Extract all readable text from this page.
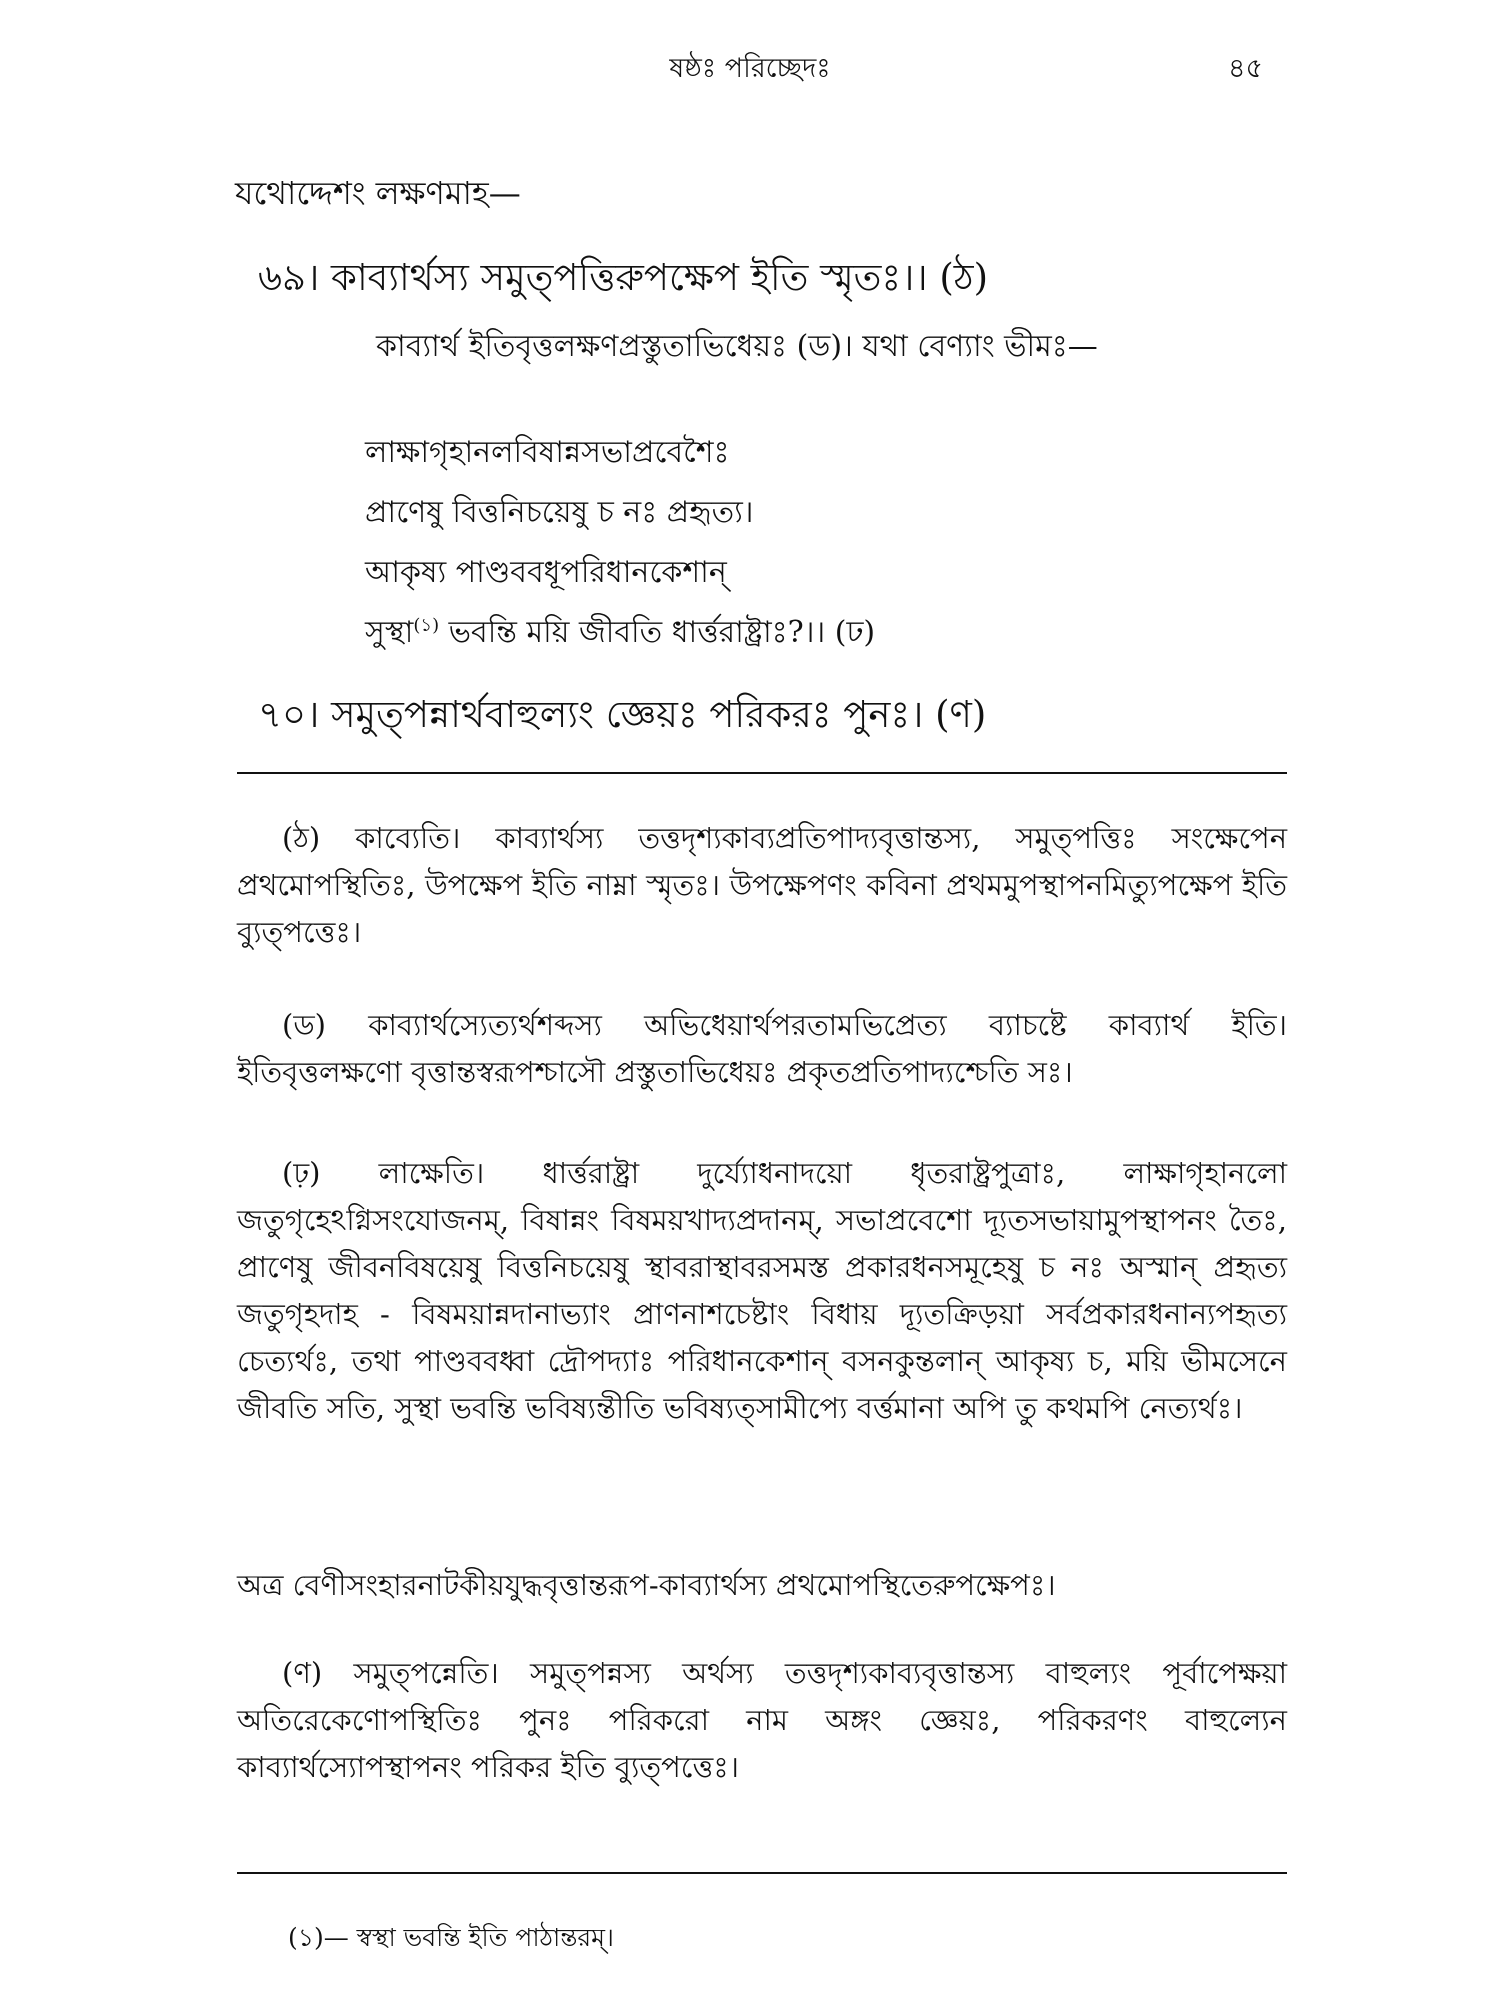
ষষ্ঠঃ পরিচ্ছেদঃ	৪৫
যথোদ্দেশং লক্ষণমাহ—
৬৯। কাব্যার্থস্য সমুত্পত্তিরুপক্ষেপ ইতি স্মৃতঃ।। (ঠ)
কাব্যার্থ ইতিবৃত্তলক্ষণপ্রস্তুতাভিধেয়ঃ (ড)। যথা বেণ্যাং ভীমঃ—
লাক্ষাগৃহানলবিষান্নসভাপ্রবেশৈঃ
প্রাণেষু বিত্তনিচয়েষু চ নঃ প্রহৃত্য।
আকৃষ্য পাণ্ডববধূপরিধানকেশান্
সুস্থা$^{(১)}$ ভবন্তি ময়ি জীবতি ধার্ত্তরাষ্ট্রাঃ?।। (ঢ)
৭০। সমুত্পন্নার্থবাহুল্যং জ্ঞেয়ঃ পরিকরঃ পুনঃ। (ণ)
(ঠ) কাব্যেতি। কাব্যার্থস্য তত্তদৃশ্যকাব্যপ্রতিপাদ্যবৃত্তান্তস্য, সমুত্পত্তিঃ সংক্ষেপেন প্রথমোপস্থিতিঃ, উপক্ষেপ ইতি নাম্না স্মৃতঃ। উপক্ষেপণং কবিনা প্রথমমুপস্থাপনমিত্যুপক্ষেপ ইতি ব্যুত্পত্তেঃ।
(ড) কাব্যার্থস্যেত্যর্থশব্দস্য অভিধেয়ার্থপরতামভিপ্রেত্য ব্যাচষ্টে কাব্যার্থ ইতি। ইতিবৃত্তলক্ষণো বৃত্তান্তস্বরূপশ্চাসৌ প্রস্তুতাভিধেয়ঃ প্রকৃতপ্রতিপাদ্যশ্চেতি সঃ।
(ঢ়) লাক্ষেতি। ধার্ত্তরাষ্ট্রা দুর্য্যোধনাদয়ো ধৃতরাষ্ট্রপুত্রাঃ, লাক্ষাগৃহানলো জতুগৃহেঽগ্নিসংযোজনম্, বিষান্নং বিষময়খাদ্যপ্রদানম্, সভাপ্রবেশো দ্যূতসভায়ামুপস্থাপনং তৈঃ, প্রাণেষু জীবনবিষয়েষু বিত্তনিচয়েষু স্থাবরাস্থাবরসমস্ত প্রকারধনসমূহেষু চ নঃ অস্মান্ প্রহৃত্য জতুগৃহদাহ - বিষময়ান্নদানাভ্যাং প্রাণনাশচেষ্টাং বিধায় দ্যূতক্রিড়য়া সর্বপ্রকারধনান্যপহৃত্য চেত্যর্থঃ, তথা পাণ্ডববধ্বা দ্রৌপদ্যাঃ পরিধানকেশান্ বসনকুন্তলান্ আকৃষ্য চ, ময়ি ভীমসেনে জীবতি সতি, সুস্থা ভবন্তি ভবিষ্যন্তীতি ভবিষ্যত্সামীপ্যে বর্ত্তমানা অপি তু কথমপি নেত্যর্থঃ।
অত্র বেণীসংহারনাটকীয়যুদ্ধবৃত্তান্তরূপ-কাব্যার্থস্য প্রথমোপস্থিতেরুপক্ষেপঃ।
(ণ) সমুত্পন্নেতি। সমুত্পন্নস্য অর্থস্য তত্তদৃশ্যকাব্যবৃত্তান্তস্য বাহুল্যং পূর্বাপেক্ষয়া অতিরেকেণোপস্থিতিঃ পুনঃ পরিকরো নাম অঙ্গং জ্ঞেয়ঃ, পরিকরণং বাহুল্যেন কাব্যার্থস্যোপস্থাপনং পরিকর ইতি ব্যুত্পত্তেঃ।
(১)— স্বস্থা ভবন্তি ইতি পাঠান্তরম্।
